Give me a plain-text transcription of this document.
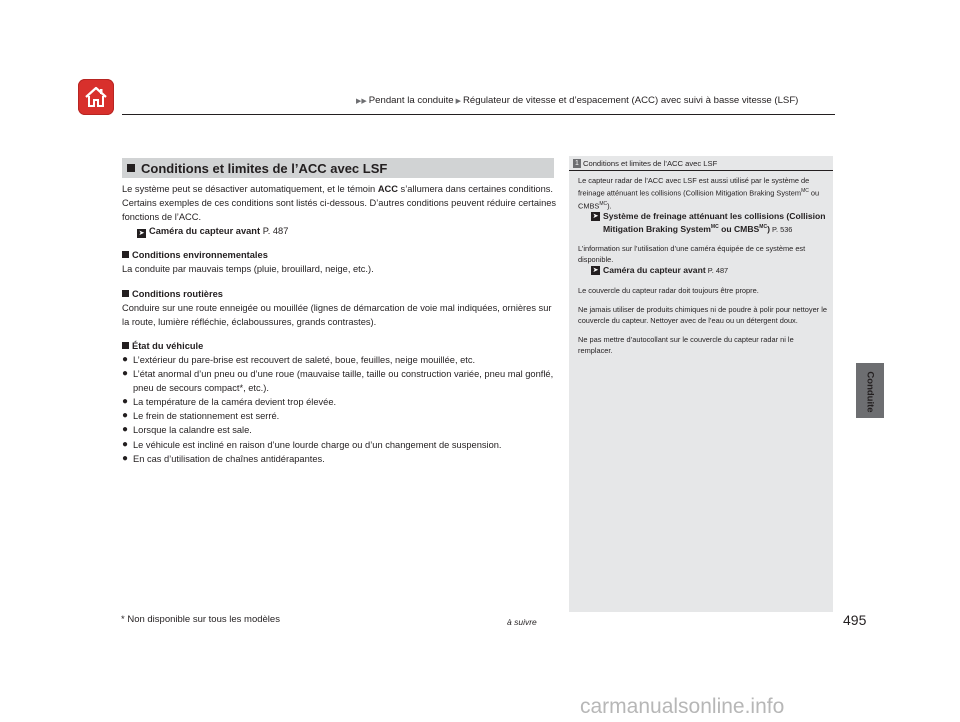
▶▶ Pendant la conduite ▶ Régulateur de vitesse et d’espacement (ACC) avec suivi à basse vitesse (LSF)
Conduite
Conditions et limites de l’ACC avec LSF

Le système peut se désactiver automatiquement, et le témoin ACC s’allumera dans certaines conditions. Certains exemples de ces conditions sont listés ci-dessous. D’autres conditions peuvent réduire certaines fonctions de l’ACC.

➤ Caméra du capteur avant P. 487

Conditions environnementales

La conduite par mauvais temps (pluie, brouillard, neige, etc.).

Conditions routières

Conduire sur une route enneigée ou mouillée (lignes de démarcation de voie mal indiquées, ornières sur la route, lumière réfléchie, éclaboussures, grands contrastes).

État du véhicule

● L’extérieur du pare-brise est recouvert de saleté, boue, feuilles, neige mouillée, etc.
● L’état anormal d’un pneu ou d’une roue (mauvaise taille, taille ou construction variée, pneu mal gonflé, pneu de secours compact*, etc.).
● La température de la caméra devient trop élevée.
● Le frein de stationnement est serré.
● Lorsque la calandre est sale.
● Le véhicule est incliné en raison d’une lourde charge ou d’un changement de suspension.
● En cas d’utilisation de chaînes antidérapantes.
1 Conditions et limites de l’ACC avec LSF

Le capteur radar de l’ACC avec LSF est aussi utilisé par le système de freinage atténuant les collisions (Collision Mitigation Braking System$^{MC}$ ou $CMBS^{MC}$).

➤ Système de freinage atténuant les collisions (Collision Mitigation Braking System$^{MC}$ ou $CMBS^{MC}$) P. 536

L’information sur l’utilisation d’une caméra équipée de ce système est disponible.

➤ Caméra du capteur avant P. 487

Le couvercle du capteur radar doit toujours être propre.

Ne jamais utiliser de produits chimiques ni de poudre à polir pour nettoyer le couvercle du capteur. Nettoyer avec de l’eau ou un détergent doux.

Ne pas mettre d’autocollant sur le couvercle du capteur radar ni le remplacer.

* Non disponible sur tous les modèles	à suivre	495
carmanualsonline.info
